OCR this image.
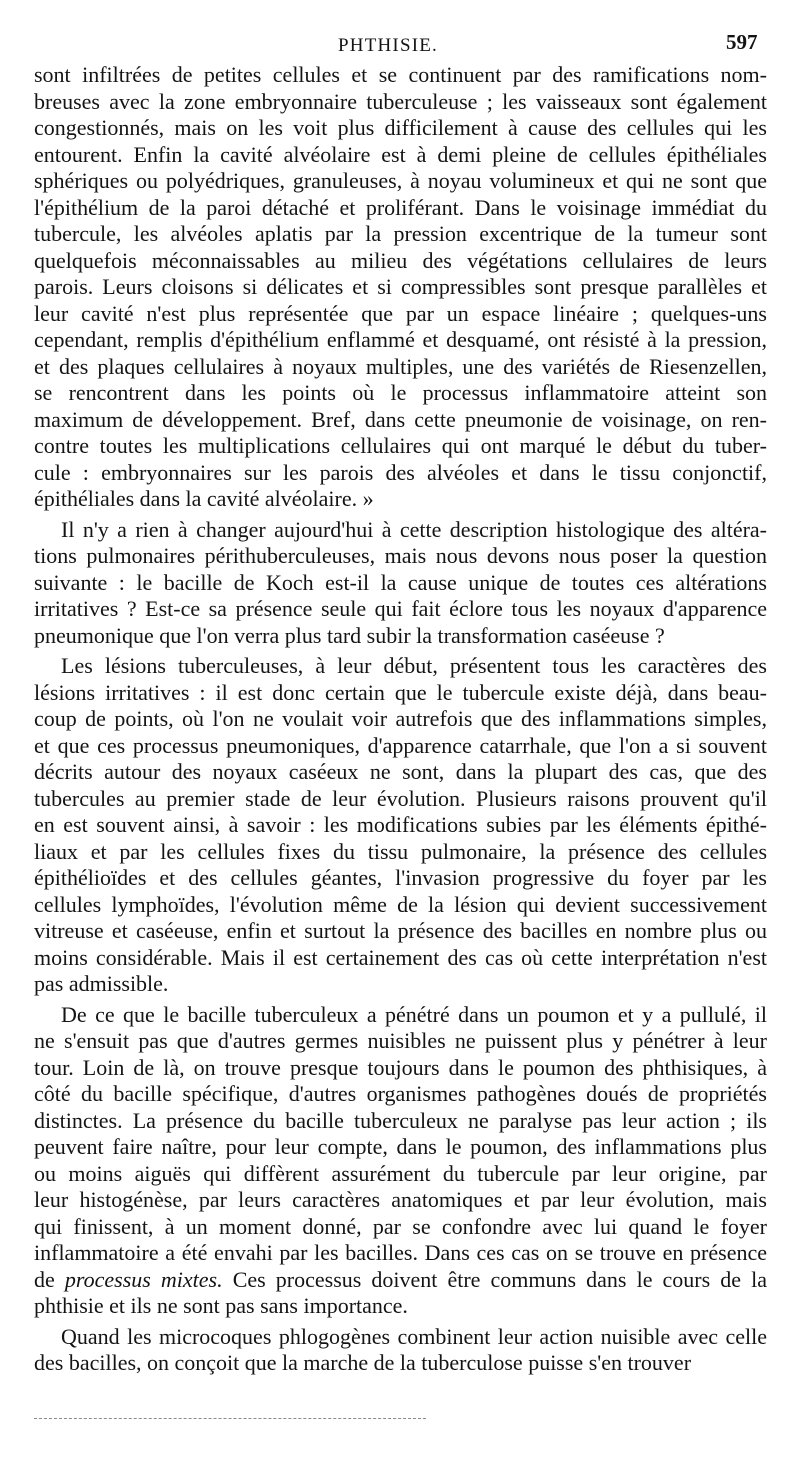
PHTHISIE.	597
sont infiltrées de petites cellules et se continuent par des ramifications nom-
breuses avec la zone embryonnaire tuberculeuse ; les vaisseaux sont également
congestionnés, mais on les voit plus difficilement à cause des cellules qui les
entourent. Enfin la cavité alvéolaire est à demi pleine de cellules épithéliales
sphériques ou polyédriques, granuleuses, à noyau volumineux et qui ne sont que
l'épithélium de la paroi détaché et proliférant. Dans le voisinage immédiat du
tubercule, les alvéoles aplatis par la pression excentrique de la tumeur sont
quelquefois méconnaissables au milieu des végétations cellulaires de leurs
parois. Leurs cloisons si délicates et si compressibles sont presque parallèles et
leur cavité n'est plus représentée que par un espace linéaire ; quelques-uns
cependant, remplis d'épithélium enflammé et desquamé, ont résisté à la pression,
et des plaques cellulaires à noyaux multiples, une des variétés de Riesenzellen,
se rencontrent dans les points où le processus inflammatoire atteint son
maximum de développement. Bref, dans cette pneumonie de voisinage, on ren-
contre toutes les multiplications cellulaires qui ont marqué le début du tuber-
cule : embryonnaires sur les parois des alvéoles et dans le tissu conjonctif,
épithéliales dans la cavité alvéolaire. »
Il n'y a rien à changer aujourd'hui à cette description histologique des altéra-
tions pulmonaires périthuberculeuses, mais nous devons nous poser la question
suivante : le bacille de Koch est-il la cause unique de toutes ces altérations
irritatives ? Est-ce sa présence seule qui fait éclore tous les noyaux d'apparence
pneumonique que l'on verra plus tard subir la transformation caséeuse ?
Les lésions tuberculeuses, à leur début, présentent tous les caractères des
lésions irritatives : il est donc certain que le tubercule existe déjà, dans beau-
coup de points, où l'on ne voulait voir autrefois que des inflammations simples,
et que ces processus pneumoniques, d'apparence catarrhale, que l'on a si souvent
décrits autour des noyaux caséeux ne sont, dans la plupart des cas, que des
tubercules au premier stade de leur évolution. Plusieurs raisons prouvent qu'il
en est souvent ainsi, à savoir : les modifications subies par les éléments épithé-
liaux et par les cellules fixes du tissu pulmonaire, la présence des cellules
épithélioïdes et des cellules géantes, l'invasion progressive du foyer par les
cellules lymphoïdes, l'évolution même de la lésion qui devient successivement
vitreuse et caséeuse, enfin et surtout la présence des bacilles en nombre plus ou
moins considérable. Mais il est certainement des cas où cette interprétation n'est
pas admissible.
De ce que le bacille tuberculeux a pénétré dans un poumon et y a pullulé, il
ne s'ensuit pas que d'autres germes nuisibles ne puissent plus y pénétrer à leur
tour. Loin de là, on trouve presque toujours dans le poumon des phthisiques, à
côté du bacille spécifique, d'autres organismes pathogènes doués de propriétés
distinctes. La présence du bacille tuberculeux ne paralyse pas leur action ; ils
peuvent faire naître, pour leur compte, dans le poumon, des inflammations plus
ou moins aiguës qui diffèrent assurément du tubercule par leur origine, par
leur histogénèse, par leurs caractères anatomiques et par leur évolution, mais
qui finissent, à un moment donné, par se confondre avec lui quand le foyer
inflammatoire a été envahi par les bacilles. Dans ces cas on se trouve en présence
de processus mixtes. Ces processus doivent être communs dans le cours de la
phthisie et ils ne sont pas sans importance.
Quand les microcoques phlogogènes combinent leur action nuisible avec celle
des bacilles, on conçoit que la marche de la tuberculose puisse s'en trouver
